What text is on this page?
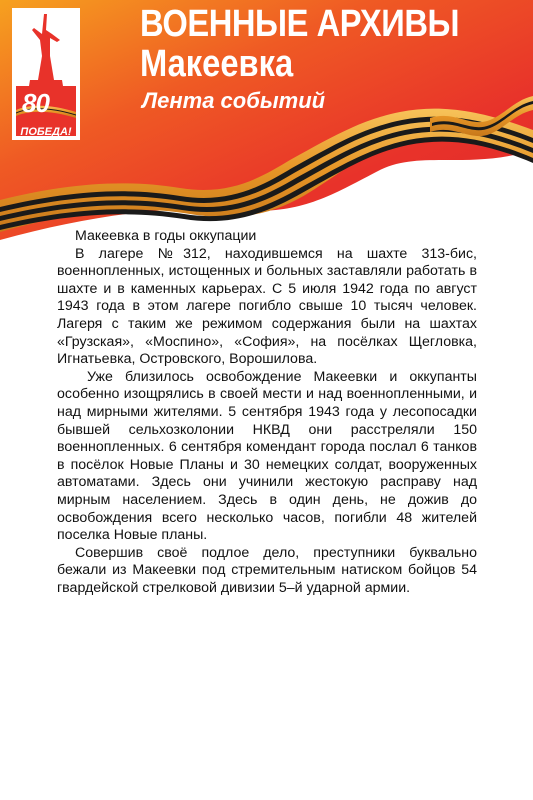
80
ПОБЕДА!
ВОЕННЫЕ АРХИВЫ
Макеевка
Лента событий
Макеевка в годы оккупации

В лагере №312, находившемся на шахте 313-бис, военнопленных, истощенных и больных заставляли работать в шахте и в каменных карьерах. С 5 июля 1942 года по август 1943 года в этом лагере погибло свыше 10 тысяч человек. Лагеря с таким же режимом содержания были на шахтах «Грузская», «Моспино», «София», на посёлках Щегловка, Игнатьевка, Островского, Ворошилова.

Уже близилось освобождение Макеевки и оккупанты особенно изощрялись в своей мести и над военнопленными, и над мирными жителями. 5 сентября 1943 года у лесопосадки бывшей сельхозколонии НКВД они расстреляли 150 военнопленных. 6 сентября комендант города послал 6 танков в посёлок Новые Планы и 30 немецких солдат, вооруженных автоматами. Здесь они учинили жестокую расправу над мирным населением. Здесь в один день, не дожив до освобождения всего несколько часов, погибли 48 жителей поселка Новые планы.

Совершив своё подлое дело, преступники буквально бежали из Макеевки под стремительным натиском бойцов 54 гвардейской стрелковой дивизии 5–й ударной армии.
